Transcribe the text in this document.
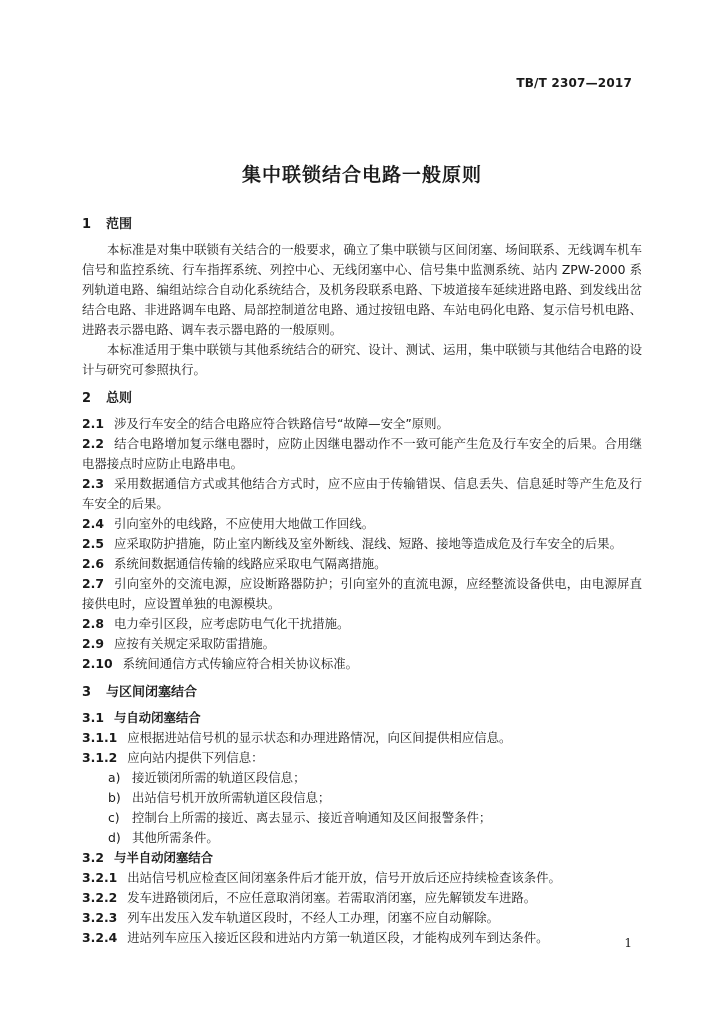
TB/T 2307—2017
集中联锁结合电路一般原则
1 范围

本标准是对集中联锁有关结合的一般要求，确立了集中联锁与区间闭塞、场间联系、无线调车机车信号和监控系统、行车指挥系统、列控中心、无线闭塞中心、信号集中监测系统、站内 ZPW-2000 系列轨道电路、编组站综合自动化系统结合，及机务段联系电路、下坡道接车延续进路电路、到发线出岔结合电路、非进路调车电路、局部控制道岔电路、通过按钮电路、车站电码化电路、复示信号机电路、进路表示器电路、调车表示器电路的一般原则。

本标准适用于集中联锁与其他系统结合的研究、设计、测试、运用，集中联锁与其他结合电路的设计与研究可参照执行。

2 总则

2.1 涉及行车安全的结合电路应符合铁路信号“故障—安全”原则。

2.2 结合电路增加复示继电器时，应防止因继电器动作不一致可能产生危及行车安全的后果。合用继电器接点时应防止电路串电。

2.3 采用数据通信方式或其他结合方式时，应不应由于传输错误、信息丢失、信息延时等产生危及行车安全的后果。

2.4 引向室外的电线路，不应使用大地做工作回线。

2.5 应采取防护措施，防止室内断线及室外断线、混线、短路、接地等造成危及行车安全的后果。

2.6 系统间数据通信传输的线路应采取电气隔离措施。

2.7 引向室外的交流电源，应设断路器防护；引向室外的直流电源，应经整流设备供电，由电源屏直接供电时，应设置单独的电源模块。

2.8 电力牵引区段，应考虑防电气化干扰措施。

2.9 应按有关规定采取防雷措施。

2.10 系统间通信方式传输应符合相关协议标准。

3 与区间闭塞结合

3.1 与自动闭塞结合

3.1.1 应根据进站信号机的显示状态和办理进路情况，向区间提供相应信息。

3.1.2 应向站内提供下列信息：

a) 接近锁闭所需的轨道区段信息；

b) 出站信号机开放所需轨道区段信息；

c) 控制台上所需的接近、离去显示、接近音响通知及区间报警条件；

d) 其他所需条件。

3.2 与半自动闭塞结合

3.2.1 出站信号机应检查区间闭塞条件后才能开放，信号开放后还应持续检查该条件。

3.2.2 发车进路锁闭后，不应任意取消闭塞。若需取消闭塞，应先解锁发车进路。

3.2.3 列车出发压入发车轨道区段时，不经人工办理，闭塞不应自动解除。

3.2.4 进站列车应压入接近区段和进站内方第一轨道区段，才能构成列车到达条件。	1
